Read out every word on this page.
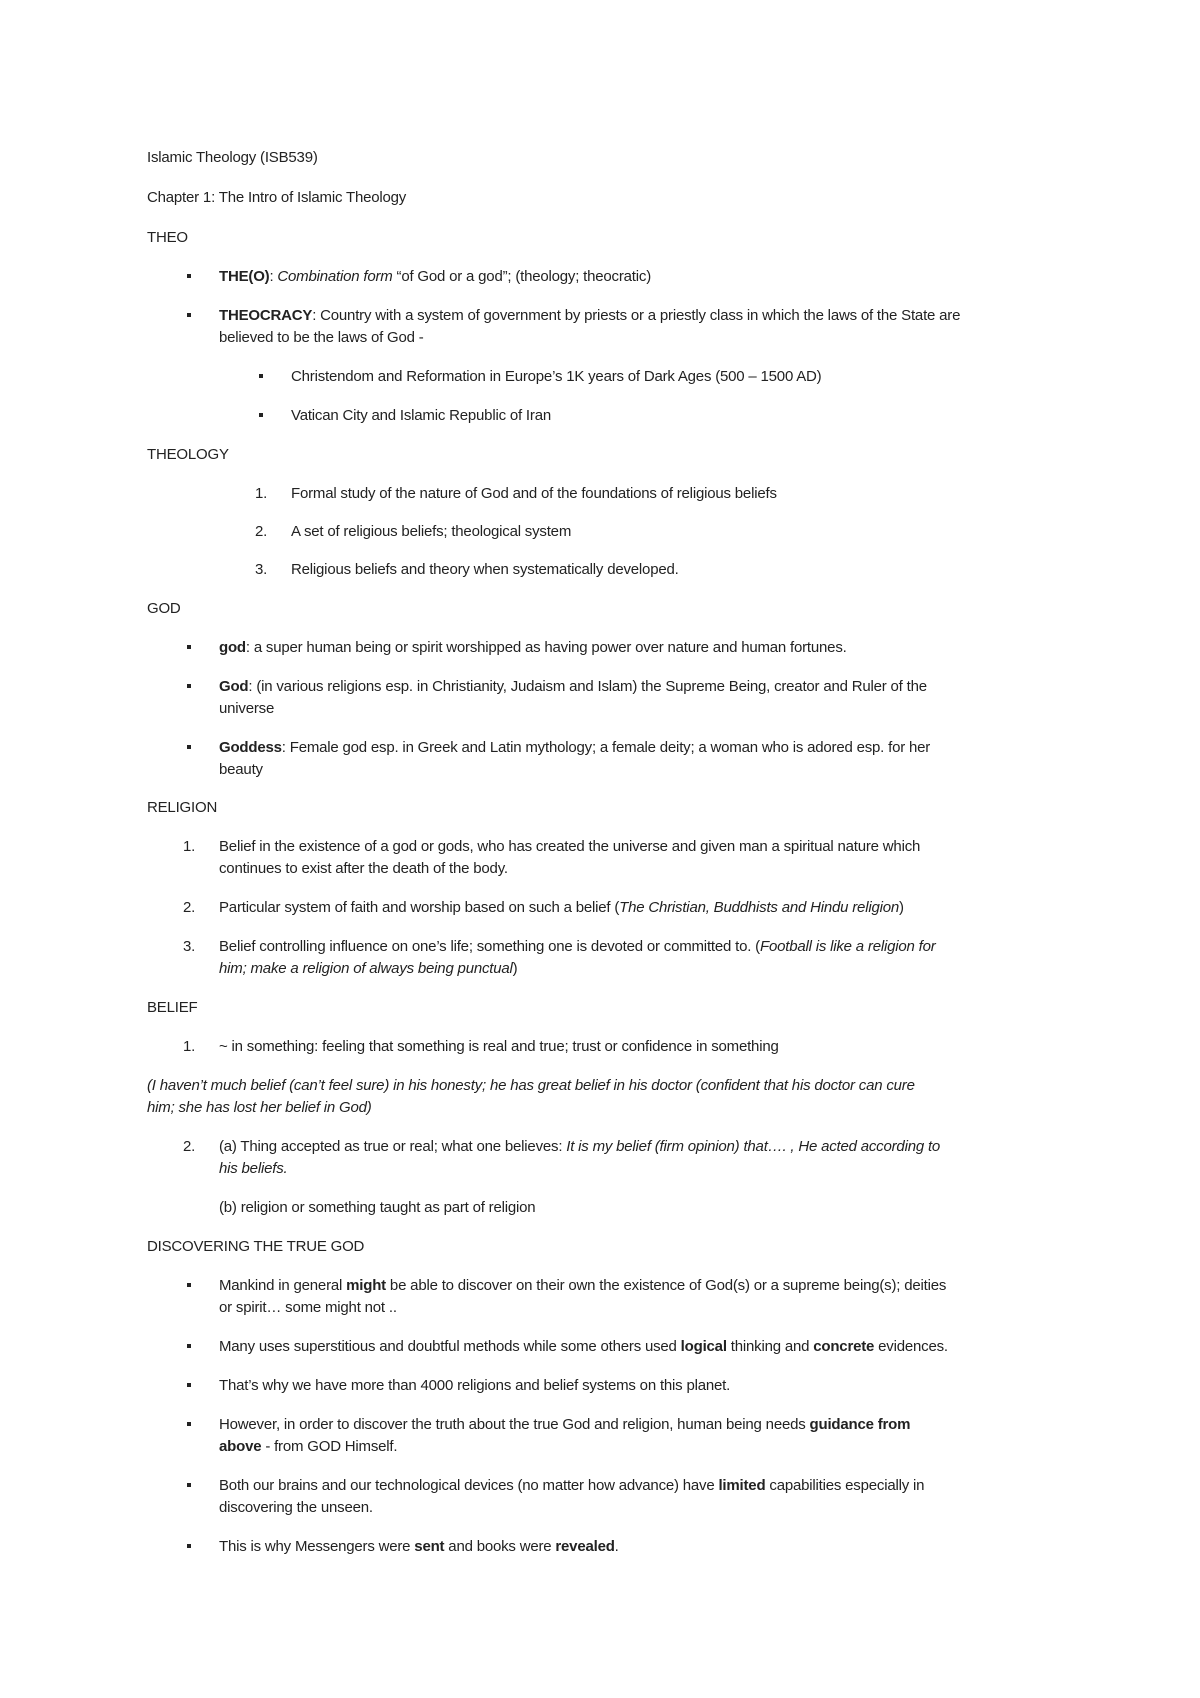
Islamic Theology (ISB539)
Chapter 1: The Intro of Islamic Theology
THEO
THE(O): Combination form “of God or a god”; (theology; theocratic)
THEOCRACY: Country with a system of government by priests or a priestly class in which the laws of the State are
believed to be the laws of God -
Christendom and Reformation in Europe’s 1K years of Dark Ages (500 – 1500 AD)
Vatican City and Islamic Republic of Iran
THEOLOGY
1. Formal study of the nature of God and of the foundations of religious beliefs
2. A set of religious beliefs; theological system
3. Religious beliefs and theory when systematically developed.
GOD
god: a super human being or spirit worshipped as having power over nature and human fortunes.
God: (in various religions esp. in Christianity, Judaism and Islam) the Supreme Being, creator and Ruler of the
universe
Goddess: Female god esp. in Greek and Latin mythology; a female deity; a woman who is adored esp. for her
beauty
RELIGION
1. Belief in the existence of a god or gods, who has created the universe and given man a spiritual nature which
continues to exist after the death of the body.
2. Particular system of faith and worship based on such a belief (The Christian, Buddhists and Hindu religion)
3. Belief controlling influence on one’s life; something one is devoted or committed to. (Football is like a religion for
him; make a religion of always being punctual)
BELIEF
1. ~ in something: feeling that something is real and true; trust or confidence in something
(I haven’t much belief (can’t feel sure) in his honesty; he has great belief in his doctor (confident that his doctor can cure
him; she has lost her belief in God)
2. (a) Thing accepted as true or real; what one believes: It is my belief (firm opinion) that…. , He acted according to
his beliefs.
(b) religion or something taught as part of religion
DISCOVERING THE TRUE GOD
Mankind in general might be able to discover on their own the existence of God(s) or a supreme being(s); deities
or spirit… some might not ..
Many uses superstitious and doubtful methods while some others used logical thinking and concrete evidences.
That’s why we have more than 4000 religions and belief systems on this planet.
However, in order to discover the truth about the true God and religion, human being needs guidance from
above - from GOD Himself.
Both our brains and our technological devices (no matter how advance) have limited capabilities especially in
discovering the unseen.
This is why Messengers were sent and books were revealed.
